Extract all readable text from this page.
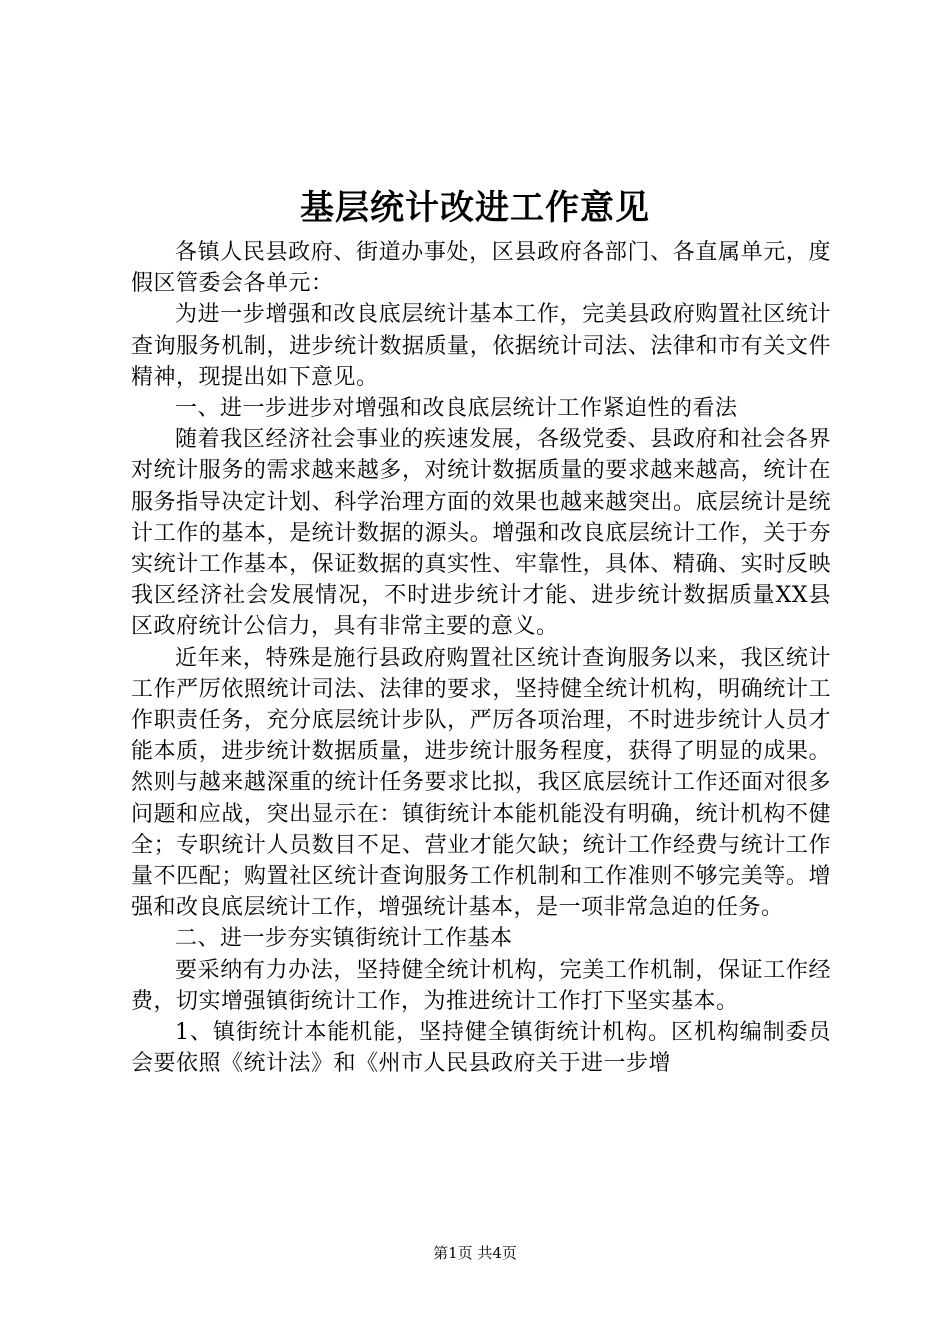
基层统计改进工作意见

各镇人民县政府、街道办事处，区县政府各部门、各直属单元，度假区管委会各单元：

为进一步增强和改良底层统计基本工作，完美县政府购置社区统计查询服务机制，进步统计数据质量，依据统计司法、法律和市有关文件精神，现提出如下意见。

一、进一步进步对增强和改良底层统计工作紧迫性的看法

随着我区经济社会事业的疾速发展，各级党委、县政府和社会各界对统计服务的需求越来越多，对统计数据质量的要求越来越高，统计在服务指导决定计划、科学治理方面的效果也越来越突出。底层统计是统计工作的基本，是统计数据的源头。增强和改良底层统计工作，关于夯实统计工作基本，保证数据的真实性、牢靠性，具体、精确、实时反映我区经济社会发展情况，不时进步统计才能、进步统计数据质量XX县区政府统计公信力，具有非常主要的意义。

近年来，特殊是施行县政府购置社区统计查询服务以来，我区统计工作严厉依照统计司法、法律的要求，坚持健全统计机构，明确统计工作职责任务，充分底层统计步队，严厉各项治理，不时进步统计人员才能本质，进步统计数据质量，进步统计服务程度，获得了明显的成果。然则与越来越深重的统计任务要求比拟，我区底层统计工作还面对很多问题和应战，突出显示在：镇街统计本能机能没有明确，统计机构不健全；专职统计人员数目不足、营业才能欠缺；统计工作经费与统计工作量不匹配；购置社区统计查询服务工作机制和工作准则不够完美等。增强和改良底层统计工作，增强统计基本，是一项非常急迫的任务。

二、进一步夯实镇街统计工作基本

要采纳有力办法，坚持健全统计机构，完美工作机制，保证工作经费，切实增强镇街统计工作，为推进统计工作打下坚实基本。

1、镇街统计本能机能，坚持健全镇街统计机构。区机构编制委员会要依照《统计法》和《州市人民县政府关于进一步增

第1页 共4页
